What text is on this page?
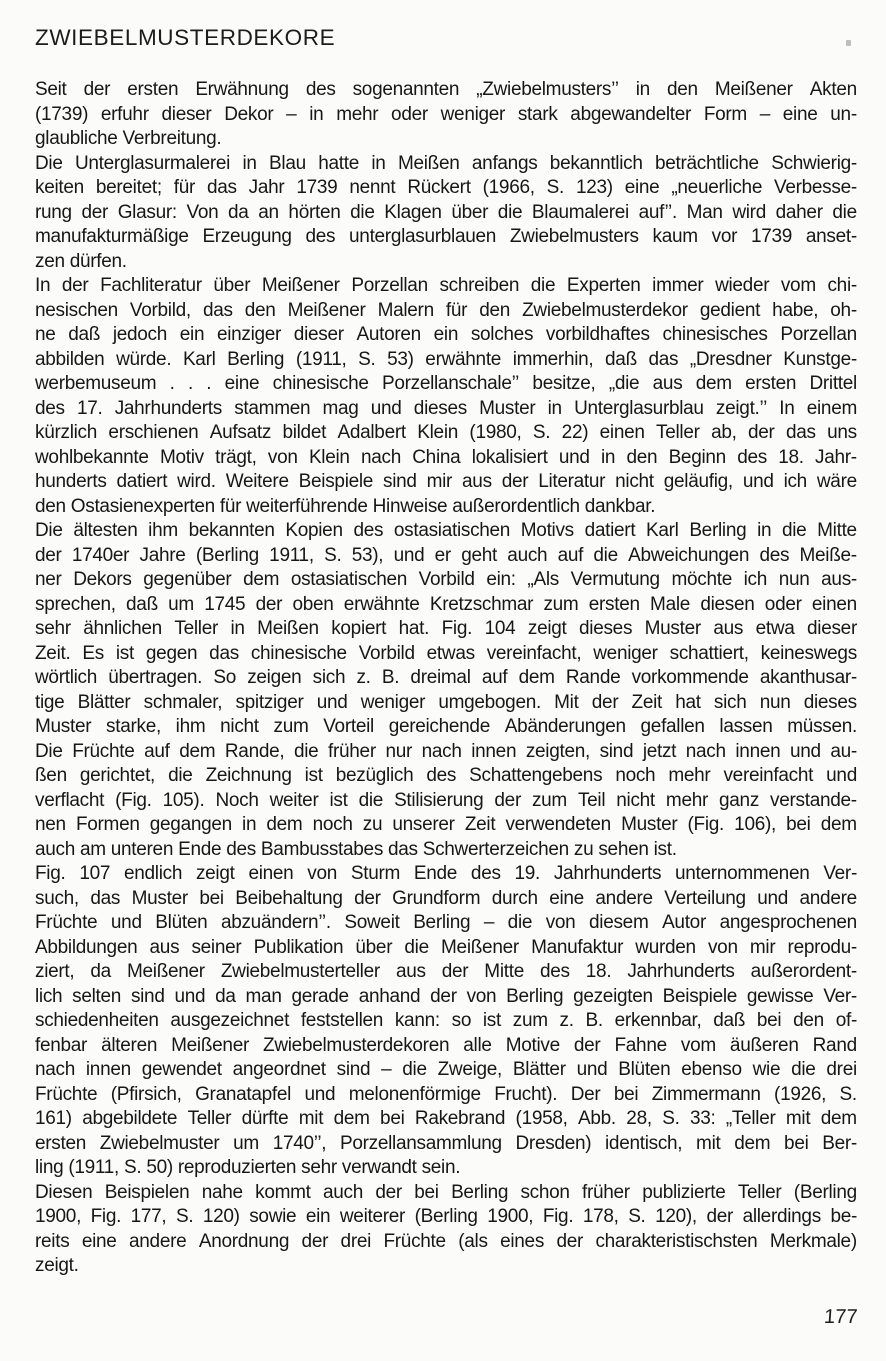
ZWIEBELMUSTERDEKORE

Seit der ersten Erwähnung des sogenannten „Zwiebelmusters’’ in den Meißener Akten
(1739) erfuhr dieser Dekor – in mehr oder weniger stark abgewandelter Form – eine un-
glaubliche Verbreitung.

Die Unterglasurmalerei in Blau hatte in Meißen anfangs bekanntlich beträchtliche Schwierig-
keiten bereitet; für das Jahr 1739 nennt Rückert (1966, S. 123) eine „neuerliche Verbesse-
rung der Glasur: Von da an hörten die Klagen über die Blaumalerei auf’’. Man wird daher die
manufakturmäßige Erzeugung des unterglasurblauen Zwiebelmusters kaum vor 1739 anset-
zen dürfen.

In der Fachliteratur über Meißener Porzellan schreiben die Experten immer wieder vom chi-
nesischen Vorbild, das den Meißener Malern für den Zwiebelmusterdekor gedient habe, oh-
ne daß jedoch ein einziger dieser Autoren ein solches vorbildhaftes chinesisches Porzellan
abbilden würde. Karl Berling (1911, S. 53) erwähnte immerhin, daß das „Dresdner Kunstge-
werbemuseum . . . eine chinesische Porzellanschale’’ besitze, „die aus dem ersten Drittel
des 17. Jahrhunderts stammen mag und dieses Muster in Unterglasurblau zeigt.’’ In einem
kürzlich erschienen Aufsatz bildet Adalbert Klein (1980, S. 22) einen Teller ab, der das uns
wohlbekannte Motiv trägt, von Klein nach China lokalisiert und in den Beginn des 18. Jahr-
hunderts datiert wird. Weitere Beispiele sind mir aus der Literatur nicht geläufig, und ich wäre
den Ostasienexperten für weiterführende Hinweise außerordentlich dankbar.

Die ältesten ihm bekannten Kopien des ostasiatischen Motivs datiert Karl Berling in die Mitte
der 1740er Jahre (Berling 1911, S. 53), und er geht auch auf die Abweichungen des Meiße-
ner Dekors gegenüber dem ostasiatischen Vorbild ein: „Als Vermutung möchte ich nun aus-
sprechen, daß um 1745 der oben erwähnte Kretzschmar zum ersten Male diesen oder einen
sehr ähnlichen Teller in Meißen kopiert hat. Fig. 104 zeigt dieses Muster aus etwa dieser
Zeit. Es ist gegen das chinesische Vorbild etwas vereinfacht, weniger schattiert, keineswegs
wörtlich übertragen. So zeigen sich z. B. dreimal auf dem Rande vorkommende akanthusar-
tige Blätter schmaler, spitziger und weniger umgebogen. Mit der Zeit hat sich nun dieses
Muster starke, ihm nicht zum Vorteil gereichende Abänderungen gefallen lassen müssen.
Die Früchte auf dem Rande, die früher nur nach innen zeigten, sind jetzt nach innen und au-
ßen gerichtet, die Zeichnung ist bezüglich des Schattengebens noch mehr vereinfacht und
verflacht (Fig. 105). Noch weiter ist die Stilisierung der zum Teil nicht mehr ganz verstande-
nen Formen gegangen in dem noch zu unserer Zeit verwendeten Muster (Fig. 106), bei dem
auch am unteren Ende des Bambusstabes das Schwerterzeichen zu sehen ist.

Fig. 107 endlich zeigt einen von Sturm Ende des 19. Jahrhunderts unternommenen Ver-
such, das Muster bei Beibehaltung der Grundform durch eine andere Verteilung und andere
Früchte und Blüten abzuändern’’. Soweit Berling – die von diesem Autor angesprochenen
Abbildungen aus seiner Publikation über die Meißener Manufaktur wurden von mir reprodu-
ziert, da Meißener Zwiebelmusterteller aus der Mitte des 18. Jahrhunderts außerordent-
lich selten sind und da man gerade anhand der von Berling gezeigten Beispiele gewisse Ver-
schiedenheiten ausgezeichnet feststellen kann: so ist zum z. B. erkennbar, daß bei den of-
fenbar älteren Meißener Zwiebelmusterdekoren alle Motive der Fahne vom äußeren Rand
nach innen gewendet angeordnet sind – die Zweige, Blätter und Blüten ebenso wie die drei
Früchte (Pfirsich, Granatapfel und melonenförmige Frucht). Der bei Zimmermann (1926, S.
161) abgebildete Teller dürfte mit dem bei Rakebrand (1958, Abb. 28, S. 33: „Teller mit dem
ersten Zwiebelmuster um 1740’’, Porzellansammlung Dresden) identisch, mit dem bei Ber-
ling (1911, S. 50) reproduzierten sehr verwandt sein.

Diesen Beispielen nahe kommt auch der bei Berling schon früher publizierte Teller (Berling
1900, Fig. 177, S. 120) sowie ein weiterer (Berling 1900, Fig. 178, S. 120), der allerdings be-
reits eine andere Anordnung der drei Früchte (als eines der charakteristischsten Merkmale)
zeigt.

177
